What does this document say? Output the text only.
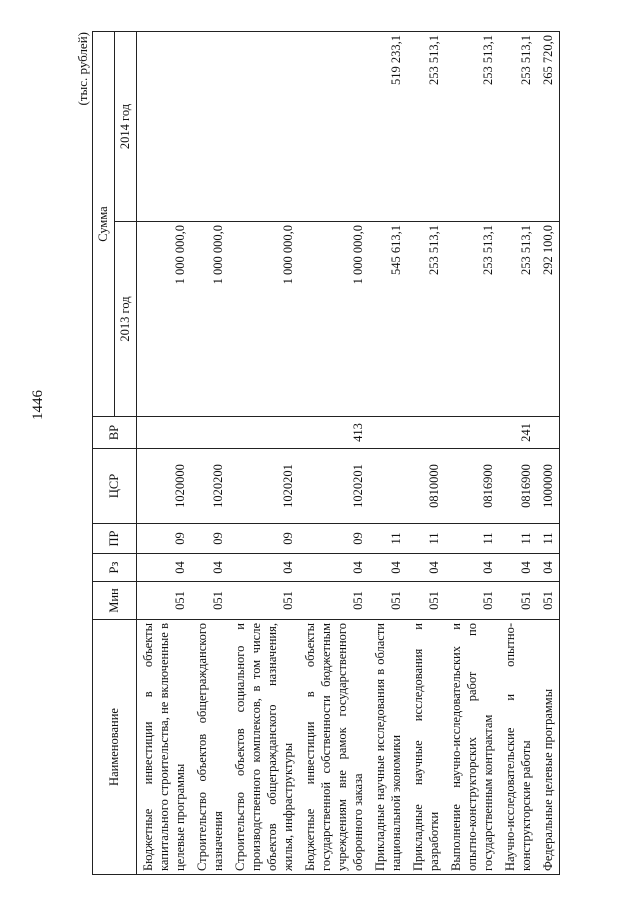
1446
(тыс. рублей)
Наименование	Мин	Рз	ПР	ЦСР	ВР	Сумма	
						2013 год	2014 год
Бюджетные инвестиции в объекты капитального строительства, не включенные в целевые программы	051	04	09	1020000		1 000 000,0	
Строительство объектов общегражданского назначения	051	04	09	1020200		1 000 000,0	
Строительство объектов социального и производственного комплексов, в том числе объектов общегражданского назначения, жилья, инфраструктуры	051	04	09	1020201		1 000 000,0	
Бюджетные инвестиции в объекты государственной собственности бюджетным учреждениям вне рамок государственного оборонного заказа	051	04	09	1020201	413	1 000 000,0	
Прикладные научные исследования в области национальной экономики	051	04	11			545 613,1	519 233,1
Прикладные научные исследования и разработки	051	04	11	0810000		253 513,1	253 513,1
Выполнение научно-исследовательских и опытно-конструкторских работ по государственным контрактам	051	04	11	0816900		253 513,1	253 513,1
Научно-исследовательские и опытно-конструкторские работы	051	04	11	0816900	241	253 513,1	253 513,1
Федеральные целевые программы	051	04	11	1000000		292 100,0	265 720,0
